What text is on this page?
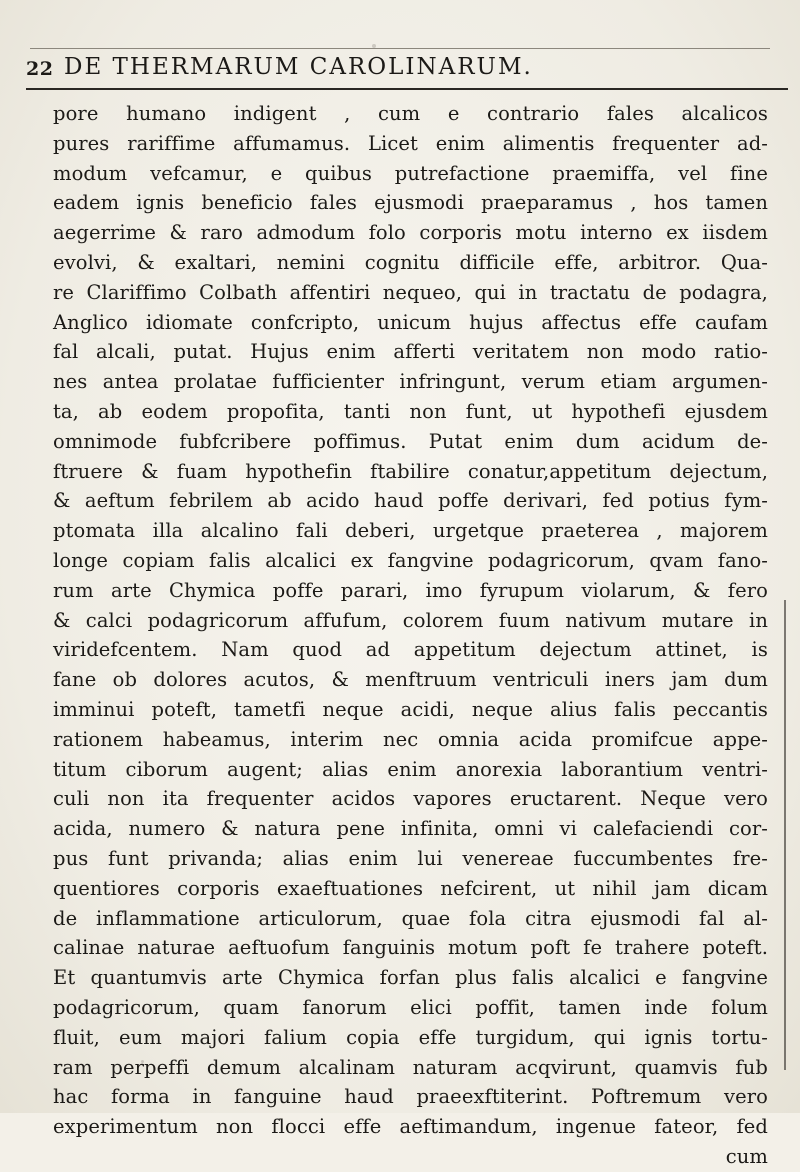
22 DE THERMARUM CAROLINARUM.
pore humano indigent , cum e contrario fales alcalicos
pures rariffime affumamus. Licet enim alimentis frequenter ad-
modum vefcamur, e quibus putrefactione praemiffa, vel fine
eadem ignis beneficio fales ejusmodi praeparamus , hos tamen
aegerrime & raro admodum folo corporis motu interno ex iisdem
evolvi, & exaltari, nemini cognitu difficile effe, arbitror. Qua-
re Clariffimo Colbath affentiri nequeo, qui in tractatu de podagra,
Anglico idiomate confcripto, unicum hujus affectus effe caufam
fal alcali, putat. Hujus enim afferti veritatem non modo ratio-
nes antea prolatae fufficienter infringunt, verum etiam argumen-
ta, ab eodem propofita, tanti non funt, ut hypothefi ejusdem
omnimode fubfcribere poffimus. Putat enim dum acidum de-
ftruere & fuam hypothefin ftabilire conatur,appetitum dejectum,
& aeftum febrilem ab acido haud poffe derivari, fed potius fym-
ptomata illa alcalino fali deberi, urgetque praeterea , majorem
longe copiam falis alcalici ex fangvine podagricorum, qvam fano-
rum arte Chymica poffe parari, imo fyrupum violarum, & fero
& calci podagricorum affufum, colorem fuum nativum mutare in
viridefcentem. Nam quod ad appetitum dejectum attinet, is
fane ob dolores acutos, & menftruum ventriculi iners jam dum
imminui poteft, tametfi neque acidi, neque alius falis peccantis
rationem habeamus, interim nec omnia acida promifcue appe-
titum ciborum augent; alias enim anorexia laborantium ventri-
culi non ita frequenter acidos vapores eructarent. Neque vero
acida, numero & natura pene infinita, omni vi calefaciendi cor-
pus funt privanda; alias enim lui venereae fuccumbentes fre-
quentiores corporis exaeftuationes nefcirent, ut nihil jam dicam
de inflammatione articulorum, quae fola citra ejusmodi fal al-
calinae naturae aeftuofum fanguinis motum poft fe trahere poteft.
Et quantumvis arte Chymica forfan plus falis alcalici e fangvine
podagricorum, quam fanorum elici poffit, tamen inde folum
fluit, eum majori falium copia effe turgidum, qui ignis tortu-
ram perpeffi demum alcalinam naturam acqvirunt, quamvis fub
hac forma in fanguine haud praeexftiterint. Poftremum vero
experimentum non flocci effe aeftimandum, ingenue fateor, fed
cum
